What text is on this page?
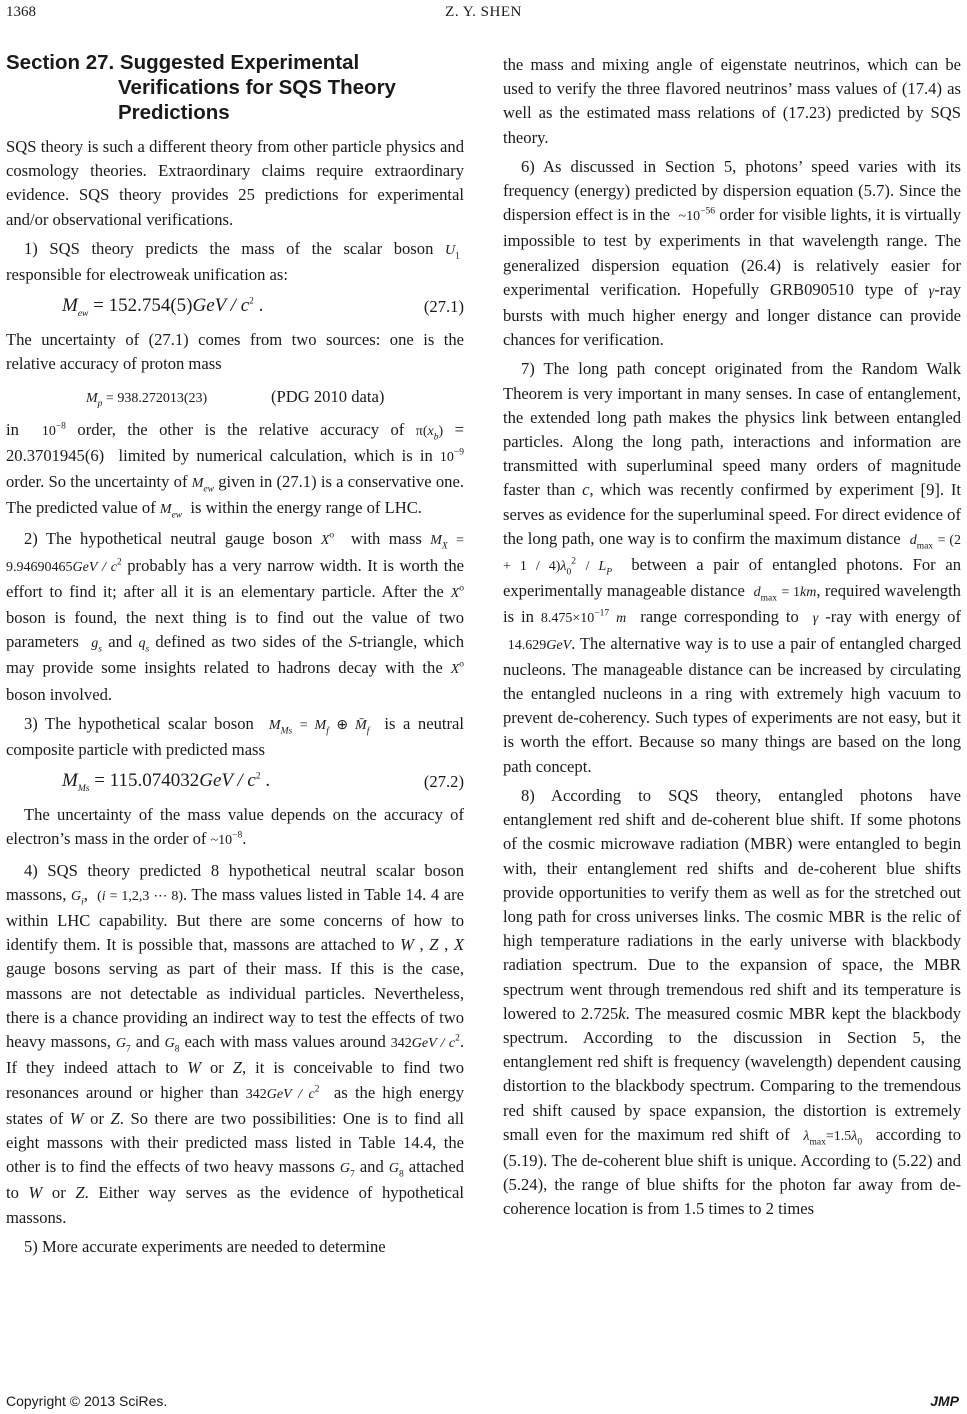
1368	Z. Y. SHEN
Section 27. Suggested Experimental
Verifications for SQS Theory
Predictions

SQS theory is such a different theory from other particle physics and cosmology theories. Extraordinary claims require extraordinary evidence. SQS theory provides 25 predictions for experimental and/or observational verifications.

1) SQS theory predicts the mass of the scalar boson $U_1$  responsible for electroweak unification as:

$M_{ew} = 152.754(5)GeV / c^2$ .	(27.1)

The uncertainty of (27.1) comes from two sources: one is the relative accuracy of proton mass

$M_p = 938.272013(23)$	(PDG 2010 data)

in  $10^{-8}$ order, the other is the relative accuracy of $\pi(x_b) = 20.3701945(6)$ limited by numerical calculation, which is in $10^{-9}$ order. So the uncertainty of $M_{ew}$ given in (27.1) is a conservative one. The predicted value of $M_{ew}$ is within the energy range of LHC.

2) The hypothetical neutral gauge boson $X^o$ with mass $M_X = 9.94690465GeV / c^2$ probably has a very narrow width. It is worth the effort to find it; after all it is an elementary particle. After the $X^o$ boson is found, the next thing is to find out the value of two parameters $g_s$ and $q_s$ defined as two sides of the S-triangle, which may provide some insights related to hadrons decay with the $X^o$ boson involved.

3) The hypothetical scalar boson $M_{Ms} = M_f$ ⊕ $M̄_f$ is a neutral composite particle with predicted mass

$M_{Ms} = 115.074032GeV / c^2$ .	(27.2)

The uncertainty of the mass value depends on the accuracy of electron’s mass in the order of $\sim 10^{-8}$.

4) SQS theory predicted 8 hypothetical neutral scalar boson massons, $G_i$,  (i = 1,2,3 ⋯ 8). The mass values listed in Table 14. 4 are within LHC capability. But there are some concerns of how to identify them. It is possible that, massons are attached to W , Z , X gauge bosons serving as part of their mass. If this is the case, massons are not detectable as individual particles. Nevertheless, there is a chance providing an indirect way to test the effects of two heavy massons, $G_7$ and $G_8$ each with mass values around $342GeV / c^2$. If they indeed attach to W or Z, it is conceivable to find two resonances around or higher than $342GeV / c^2$ as the high energy states of W or Z. So there are two possibilities: One is to find all eight massons with their predicted mass listed in Table 14.4, the other is to find the effects of two heavy massons $G_7$ and $G_8$ attached to W or Z. Either way serves as the evidence of hypothetical massons.

5) More accurate experiments are needed to determine

the mass and mixing angle of eigenstate neutrinos, which can be used to verify the three flavored neutrinos’ mass values of (17.4) as well as the estimated mass relations of (17.23) predicted by SQS theory.

6) As discussed in Section 5, photons’ speed varies with its frequency (energy) predicted by dispersion equation (5.7). Since the dispersion effect is in the $\sim 10^{-56}$ order for visible lights, it is virtually impossible to test by experiments in that wavelength range. The generalized dispersion equation (26.4) is relatively easier for experimental verification. Hopefully GRB090510 type of γ-ray bursts with much higher energy and longer distance can provide chances for verification.

7) The long path concept originated from the Random Walk Theorem is very important in many senses. In case of entanglement, the extended long path makes the physics link between entangled particles. Along the long path, interactions and information are transmitted with superluminal speed many orders of magnitude faster than c, which was recently confirmed by experiment [9]. It serves as evidence for the superluminal speed. For direct evidence of the long path, one way is to confirm the maximum distance $d_{max} = (2 + 1 / 4)\lambda_0^2 / L_P$ between a pair of entangled photons. For an experimentally manageable distance $d_{max} = 1km$, required wavelength is in $8.475\times 10^{-17}$ m range corresponding to γ -ray with energy of  14.629GeV. The alternative way is to use a pair of entangled charged nucleons. The manageable distance can be increased by circulating the entangled nucleons in a ring with extremely high vacuum to prevent de-coherency. Such types of experiments are not easy, but it is worth the effort. Because so many things are based on the long path concept.

8) According to SQS theory, entangled photons have entanglement red shift and de-coherent blue shift. If some photons of the cosmic microwave radiation (MBR) were entangled to begin with, their entanglement red shifts and de-coherent blue shifts provide opportunities to verify them as well as for the stretched out long path for cross universes links. The cosmic MBR is the relic of high temperature radiations in the early universe with blackbody radiation spectrum. Due to the expansion of space, the MBR spectrum went through tremendous red shift and its temperature is lowered to 2.725k. The measured cosmic MBR kept the blackbody spectrum. According to the discussion in Section 5, the entanglement red shift is frequency (wavelength) dependent causing distortion to the blackbody spectrum. Comparing to the tremendous red shift caused by space expansion, the distortion is extremely small even for the maximum red shift of $\lambda_{max}=1.5\lambda_0$ according to (5.19). The de-coherent blue shift is unique. According to (5.22) and (5.24), the range of blue shifts for the photon far away from de-coherence location is from 1.5 times to 2 times

Copyright © 2013 SciRes.	JMP
